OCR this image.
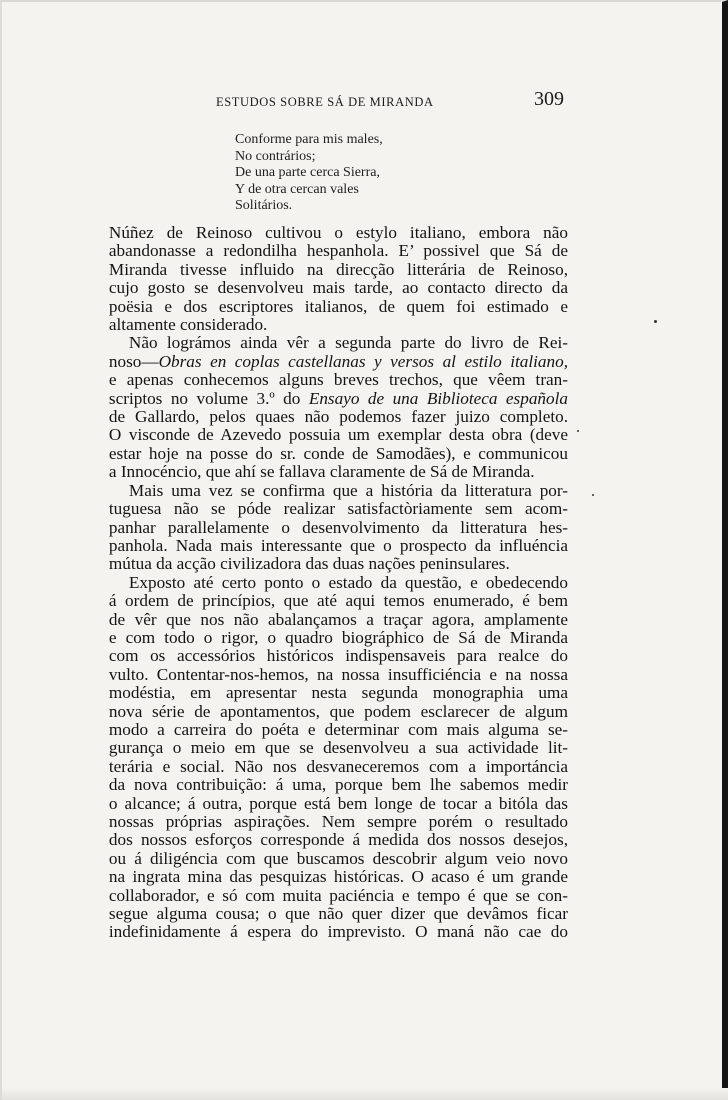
ESTUDOS SOBRE SÁ DE MIRANDA	309
Conforme para mis males,
No contrários;
De una parte cerca Sierra,
Y de otra cercan vales
Solitários.

Núñez de Reinoso cultivou o estylo italiano, embora não
abandonasse a redondilha hespanhola. E’ possivel que Sá de
Miranda tivesse influido na direcção litterária de Reinoso,
cujo gosto se desenvolveu mais tarde, ao contacto directo da
poësia e dos escriptores italianos, de quem foi estimado e
altamente considerado.

Não lográmos ainda vêr a segunda parte do livro de Rei-
noso—Obras en coplas castellanas y versos al estilo italiano,
e apenas conhecemos alguns breves trechos, que vêem tran-
scriptos no volume 3.º do Ensayo de una Biblioteca española
de Gallardo, pelos quaes não podemos fazer juizo completo.
O visconde de Azevedo possuia um exemplar desta obra (deve
estar hoje na posse do sr. conde de Samodães), e communicou
a Innocéncio, que ahí se fallava claramente de Sá de Miranda.

Mais uma vez se confirma que a história da litteratura por-
tuguesa não se póde realizar satisfactòriamente sem acom-
panhar parallelamente o desenvolvimento da litteratura hes-
panhola. Nada mais interessante que o prospecto da influéncia
mútua da acção civilizadora das duas nações peninsulares.

Exposto até certo ponto o estado da questão, e obedecendo
á ordem de princípios, que até aqui temos enumerado, é bem
de vêr que nos não abalançamos a traçar agora, amplamente
e com todo o rigor, o quadro biográphico de Sá de Miranda
com os accessórios históricos indispensaveis para realce do
vulto. Contentar-nos-hemos, na nossa insufficiéncia e na nossa
modéstia, em apresentar nesta segunda monographia uma
nova série de apontamentos, que podem esclarecer de algum
modo a carreira do poéta e determinar com mais alguma se-
gurança o meio em que se desenvolveu a sua actividade lit-
terária e social. Não nos desvaneceremos com a importáncia
da nova contribuição: á uma, porque bem lhe sabemos medir
o alcance; á outra, porque está bem longe de tocar a bitóla das
nossas próprias aspirações. Nem sempre porém o resultado
dos nossos esforços corresponde á medida dos nossos desejos,
ou á diligéncia com que buscamos descobrir algum veio novo
na ingrata mina das pesquizas históricas. O acaso é um grande
collaborador, e só com muita paciéncia e tempo é que se con-
segue alguma cousa; o que não quer dizer que devâmos ficar
indefinidamente á espera do imprevisto. O maná não cae do
